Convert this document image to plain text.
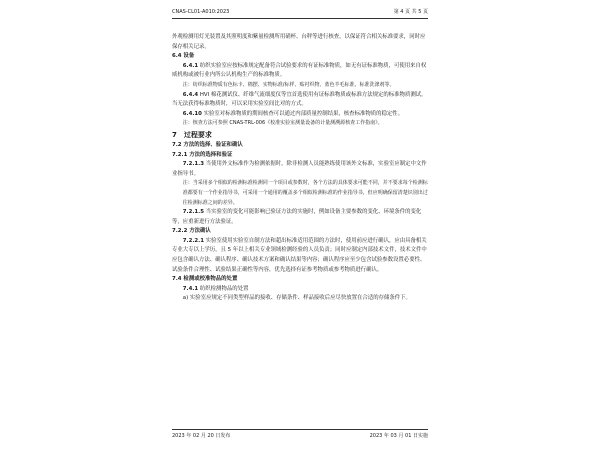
CNAS-CL01-A010:2023	第 4 页 共 5 页

外观检测用灯光装置及其照明度和紫量检测所用硝杯、台秤等进行核查，以保证符合相关标准要求，同时应保存相关记录。

6.4 设备

6.4.1 纺织实验室应按标准规定配备符合试验要求的有证标准物质，如无有证标准物质，可使用来自权威机构或被行业内所公认机构生产的标准物质。

注：纺织标准物质有色标卡、棉摆、实物标准/标样、贴衬织物、蓝色羊毛标准、标准洗涤剂等。

6.4.4 HVI 棉花测试仪、纤维气流细度仪等宜首选使用有证标准物质或标准方法规定的标准物质测试。当无法获得标准物质时，可以采用实验室间比对的方式。

6.4.10 实验室对标准物质的期间核查可以通过内部质量控制结果，核查标准物质的稳定性。

注：核查方法可参照 CNAS-TRL-006《校准实验室测量设备的计量测溯源核查工作指南》。

7　过程要求

7.2 方法的选择、验证和确认

7.2.1 方法的选择和验证

7.2.1.3 当使用外文标准作为检测依据时，除非检测人员能熟练使用该外文标准，实验室应制定中文作业指导书。

注：当采用多个相似的检测标准检测同一个项目或参数时，各个方法的具体要求可能不同，并不要求每个检测标准都要有一个作业指导书，可采用一个通用的覆盖多个相似检测标准的作业指导书，但应明确保留清楚识别出过往检测标准之间的差异。

7.2.1.5 当实验室的变化可能影响已验证方法的实施时，例如设备主要参数的变化、环境条件的变化等，应重新进行方法验证。

7.2.2 方法确认

7.2.2.1 实验室使用实验室自制方法和超出标准适用范围的方法时，使用前应进行确认，应由具备相关专业大专以上学历，且 5 年以上相关专业领域检测经验的人员负责；同时应制定内部技术文件，技术文件中应包含确认方法、确认程序、确认技术方案和确认结果等内容；确认程序应至少包含试验参数设置必要性、试验条件合理性、试验结果正确性等内容，优先选择有证参考物质或参考物质进行确认。

7.4 检测或校准物品的处置

7.4.1 纺织检测物品的处置

a) 实验室应规定不同类型样品的接收、存储条件、样品接收后应尽快放置在合适的存储条件下。

2023 年 02 月 20 日发布	2023 年 03 月 01 日实施
